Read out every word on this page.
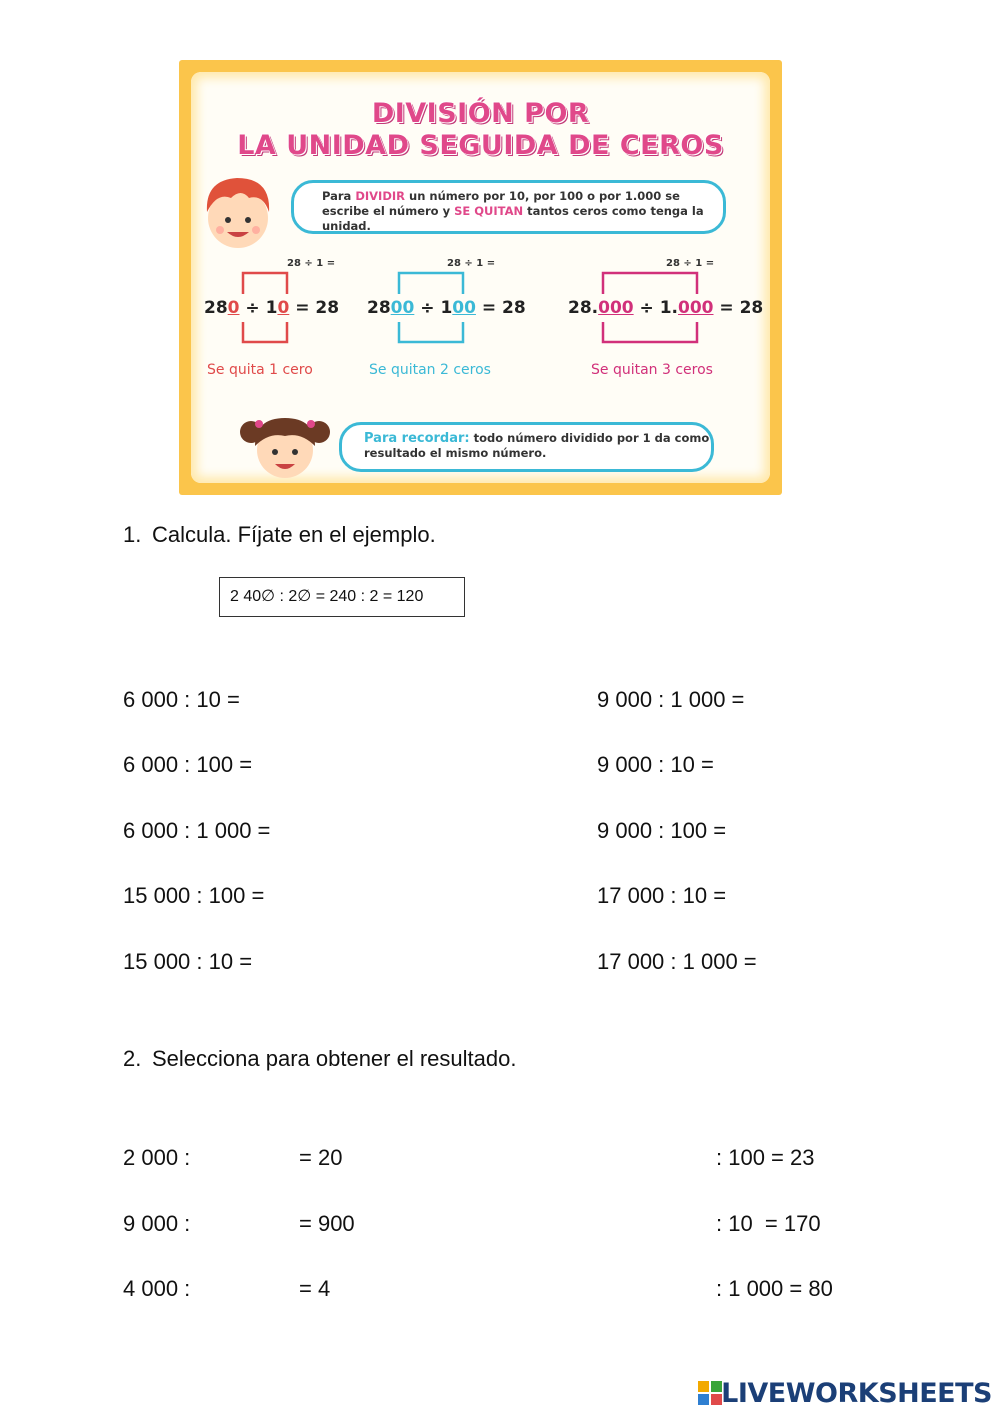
DIVISIÓN POR
LA UNIDAD SEGUIDA DE CEROS
Para DIVIDIR un número por 10, por 100 o por 1.000 se escribe el número y SE QUITAN tantos ceros como tenga la unidad.
28 ÷ 1 =	28 ÷ 1 =	28 ÷ 1 =
280 ÷ 10 = 28 2800 ÷ 100 = 28 28.000 ÷ 1.000 = 28
Se quita 1 cero	Se quitan 2 ceros	Se quitan 3 ceros
Para recordar: todo número dividido por 1 da como resultado el mismo número.
1. Calcula. Fíjate en el ejemplo.
2 40∅ : 2∅ = 240 : 2 = 120
6 000 : 10 =
6 000 : 100 =
6 000 : 1 000 =
15 000 : 100 =
15 000 : 10 =
9 000 : 1 000 =
9 000 : 10 =
9 000 : 100 =
17 000 : 10 =
17 000 : 1 000 =
2. Selecciona para obtener el resultado.
2 000 :	= 20
9 000 :	= 900
4 000 :	= 4
: 100 = 23
: 10  = 170
: 1 000 = 80
LIVEWORKSHEETS
